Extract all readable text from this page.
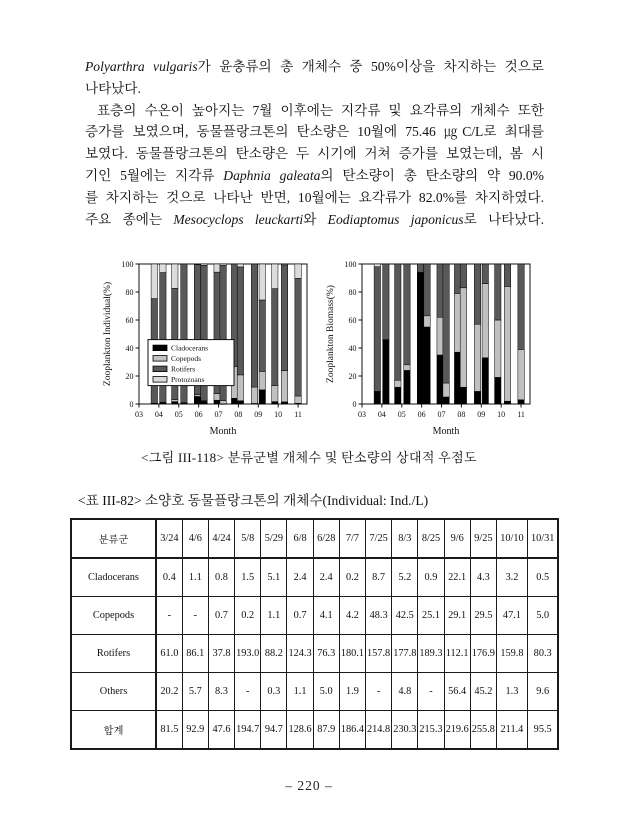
Polyarthra vulgaris가 윤충류의 총 개체수 중 50%이상을 차지하는 것으로
나타났다.
표층의 수온이 높아지는 7월 이후에는 지각류 및 요각류의 개체수 또한
증가를 보였으며, 동물플랑크톤의 탄소량은 10월에 75.46 ㎍C/L로 최대를
보였다. 동물플랑크톤의 탄소량은 두 시기에 거쳐 증가를 보였는데, 봄 시
기인 5월에는 지각류 Daphnia galeata의 탄소량이 총 탄소량의 약 90.0%
를 차지하는 것으로 나타난 반면, 10월에는 요각류가 82.0%를 차지하였다.
주요 종에는 Mesocyclops leuckarti와 Eodiaptomus japonicus로 나타났다.
0
20
40
60
80
100
03 04 05 06 07 08 09 10 11
Cladocerans
Copepods
Rotifers
Protozoans
Zooplankton Individual(%)
Month
0
20
40
60
80
100
03 04 05 06 07 08 09 10 11
Zooplankton Biomass(%)
Month
<그림 III-118> 분류군별 개체수 및 탄소량의 상대적 우점도
<표 III-82> 소양호 동물플랑크톤의 개체수(Individual: Ind./L)
분류군	3/24	4/6	4/24	5/8	5/29	6/8	6/28	7/7	7/25	8/3	8/25	9/6	9/25	10/10	10/31
Cladocerans	0.4	1.1	0.8	1.5	5.1	2.4	2.4	0.2	8.7	5.2	0.9	22.1	4.3	3.2	0.5
Copepods	-	-	0.7	0.2	1.1	0.7	4.1	4.2	48.3	42.5	25.1	29.1	29.5	47.1	5.0
Rotifers	61.0	86.1	37.8	193.0	88.2	124.3	76.3	180.1	157.8	177.8	189.3	112.1	176.9	159.8	80.3
Others	20.2	5.7	8.3	-	0.3	1.1	5.0	1.9	-	4.8	-	56.4	45.2	1.3	9.6
합계	81.5	92.9	47.6	194.7	94.7	128.6	87.9	186.4	214.8	230.3	215.3	219.6	255.8	211.4	95.5
– 220 –
